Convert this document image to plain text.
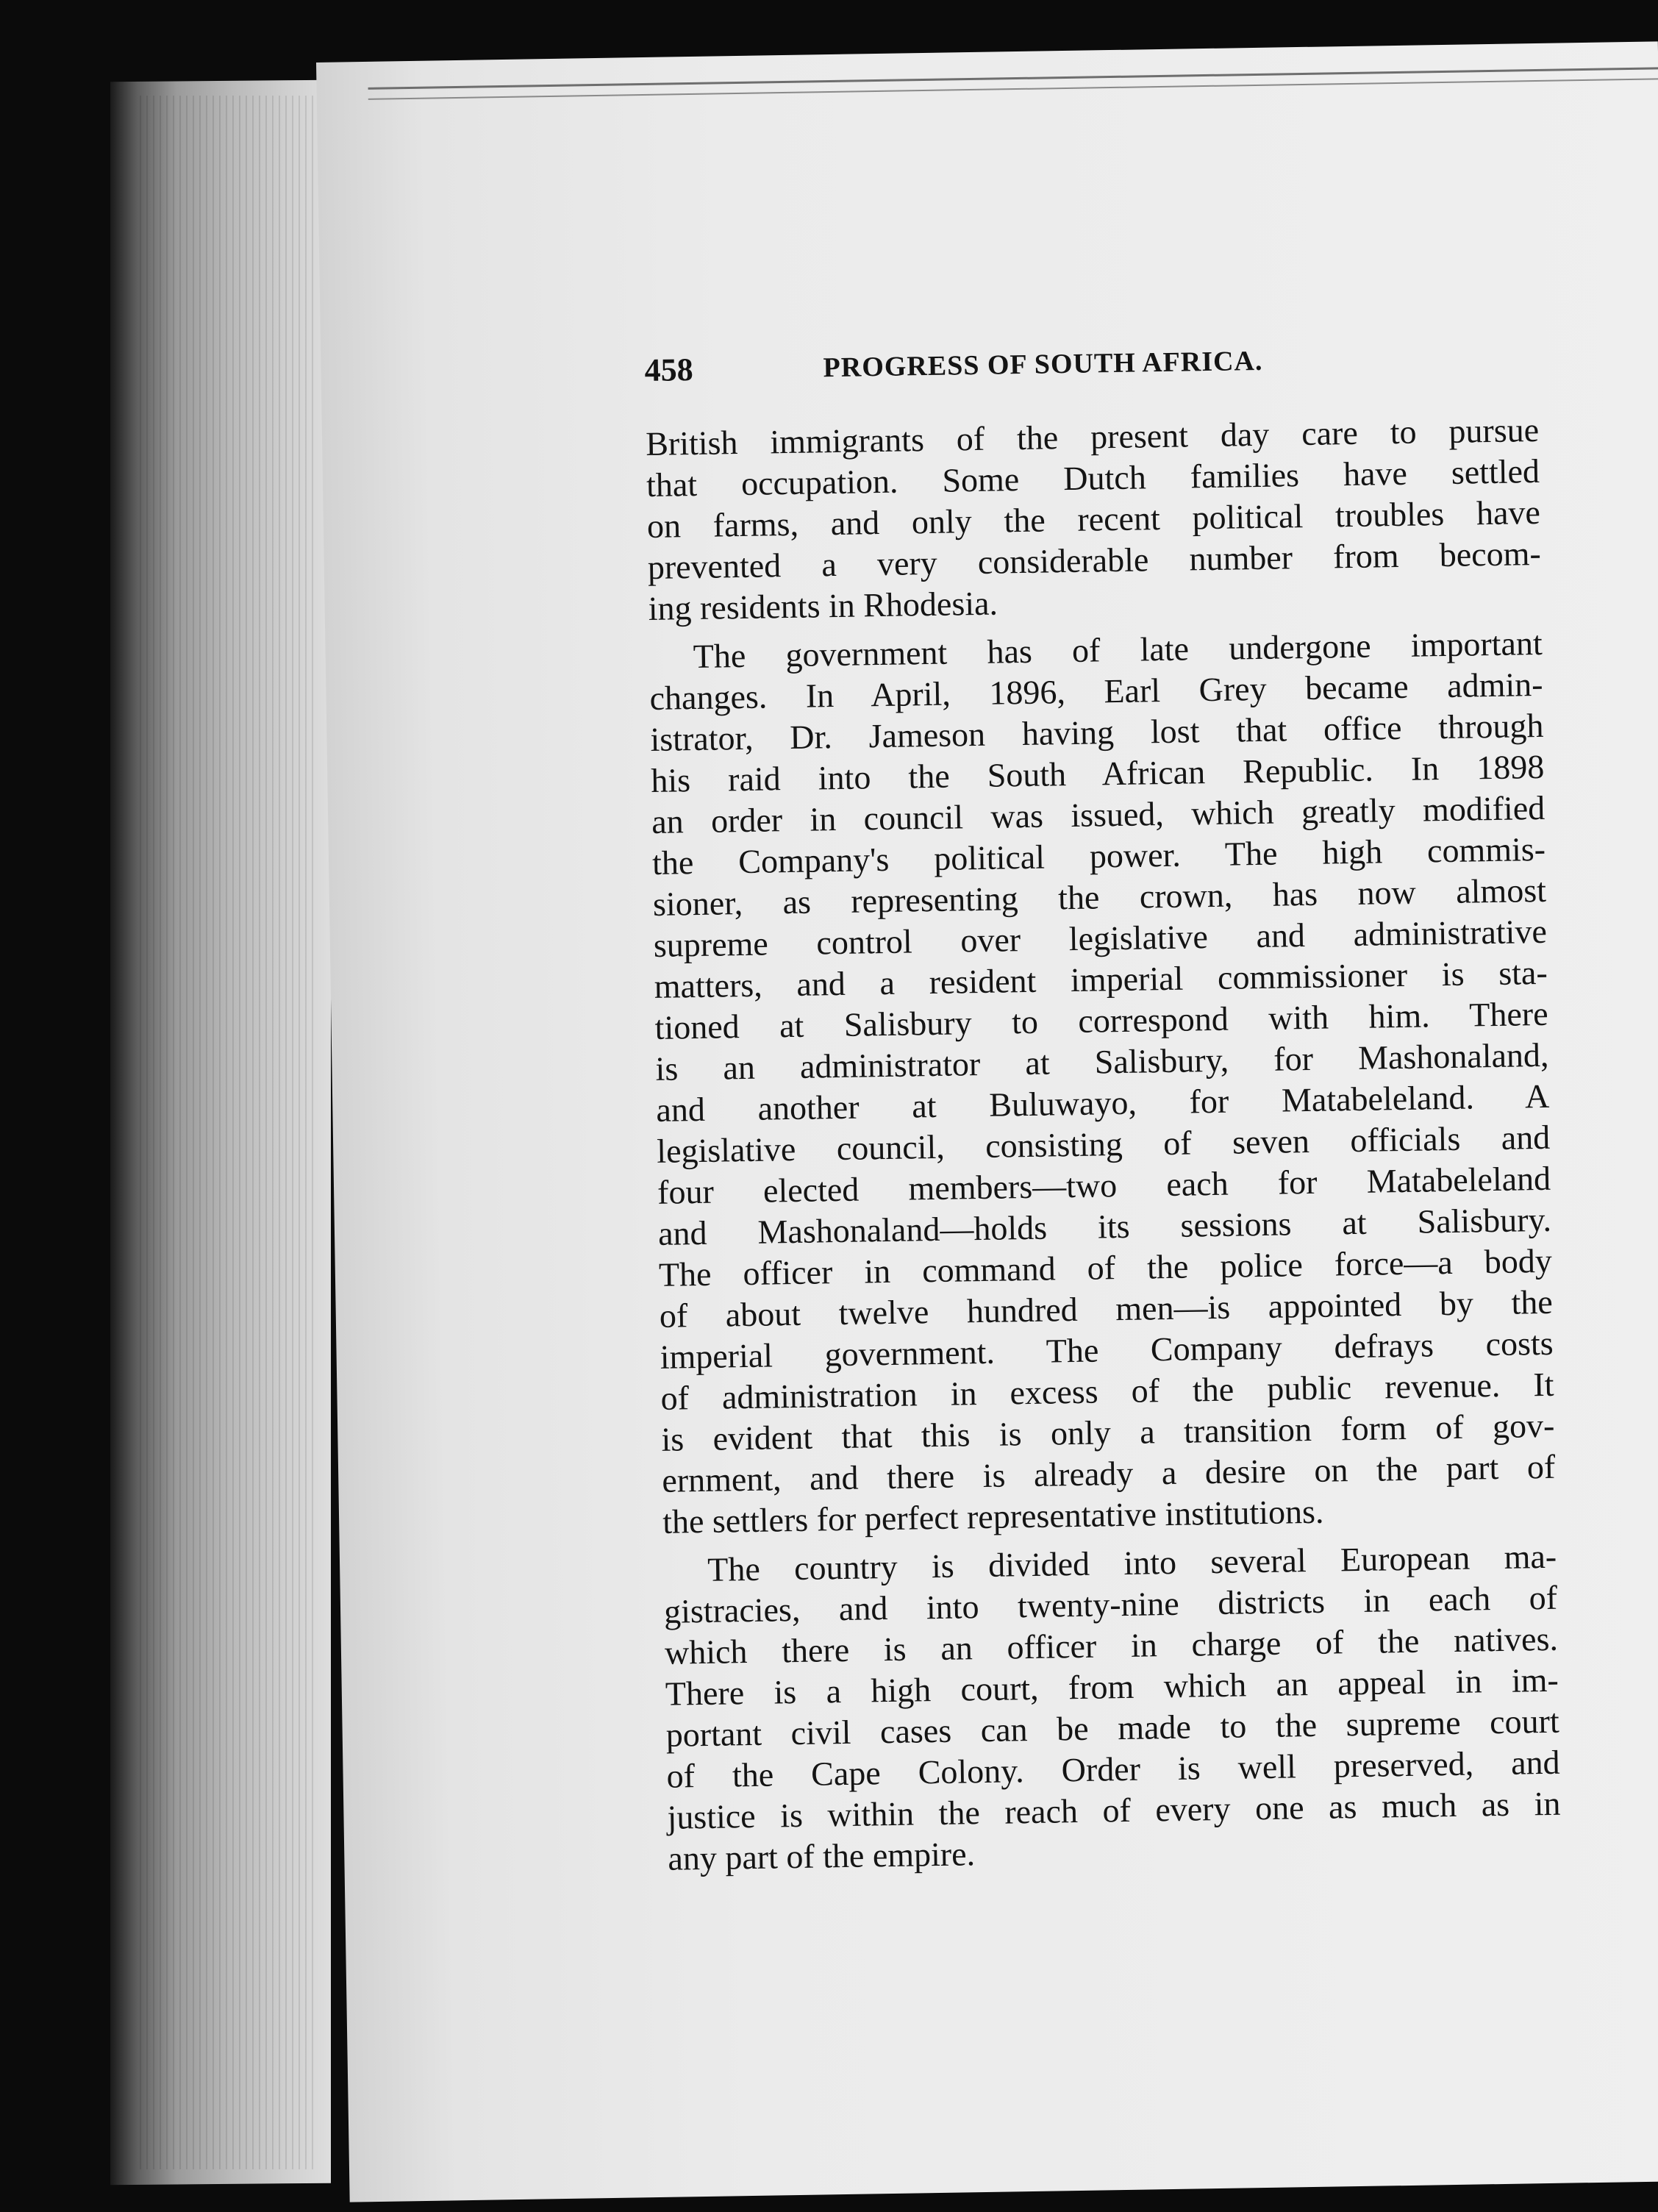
458	PROGRESS OF SOUTH AFRICA.

British immigrants of the present day care to pursue
that occupation. Some Dutch families have settled
on farms, and only the recent political troubles have
prevented a very considerable number from becom-
ing residents in Rhodesia.

The government has of late undergone important
changes. In April, 1896, Earl Grey became admin-
istrator, Dr. Jameson having lost that office through
his raid into the South African Republic. In 1898
an order in council was issued, which greatly modified
the Company's political power. The high commis-
sioner, as representing the crown, has now almost
supreme control over legislative and administrative
matters, and a resident imperial commissioner is sta-
tioned at Salisbury to correspond with him. There
is an administrator at Salisbury, for Mashonaland,
and another at Buluwayo, for Matabeleland. A
legislative council, consisting of seven officials and
four elected members—two each for Matabeleland
and Mashonaland—holds its sessions at Salisbury.
The officer in command of the police force—a body
of about twelve hundred men—is appointed by the
imperial government. The Company defrays costs
of administration in excess of the public revenue. It
is evident that this is only a transition form of gov-
ernment, and there is already a desire on the part of
the settlers for perfect representative institutions.

The country is divided into several European ma-
gistracies, and into twenty-nine districts in each of
which there is an officer in charge of the natives.
There is a high court, from which an appeal in im-
portant civil cases can be made to the supreme court
of the Cape Colony. Order is well preserved, and
justice is within the reach of every one as much as in
any part of the empire.
